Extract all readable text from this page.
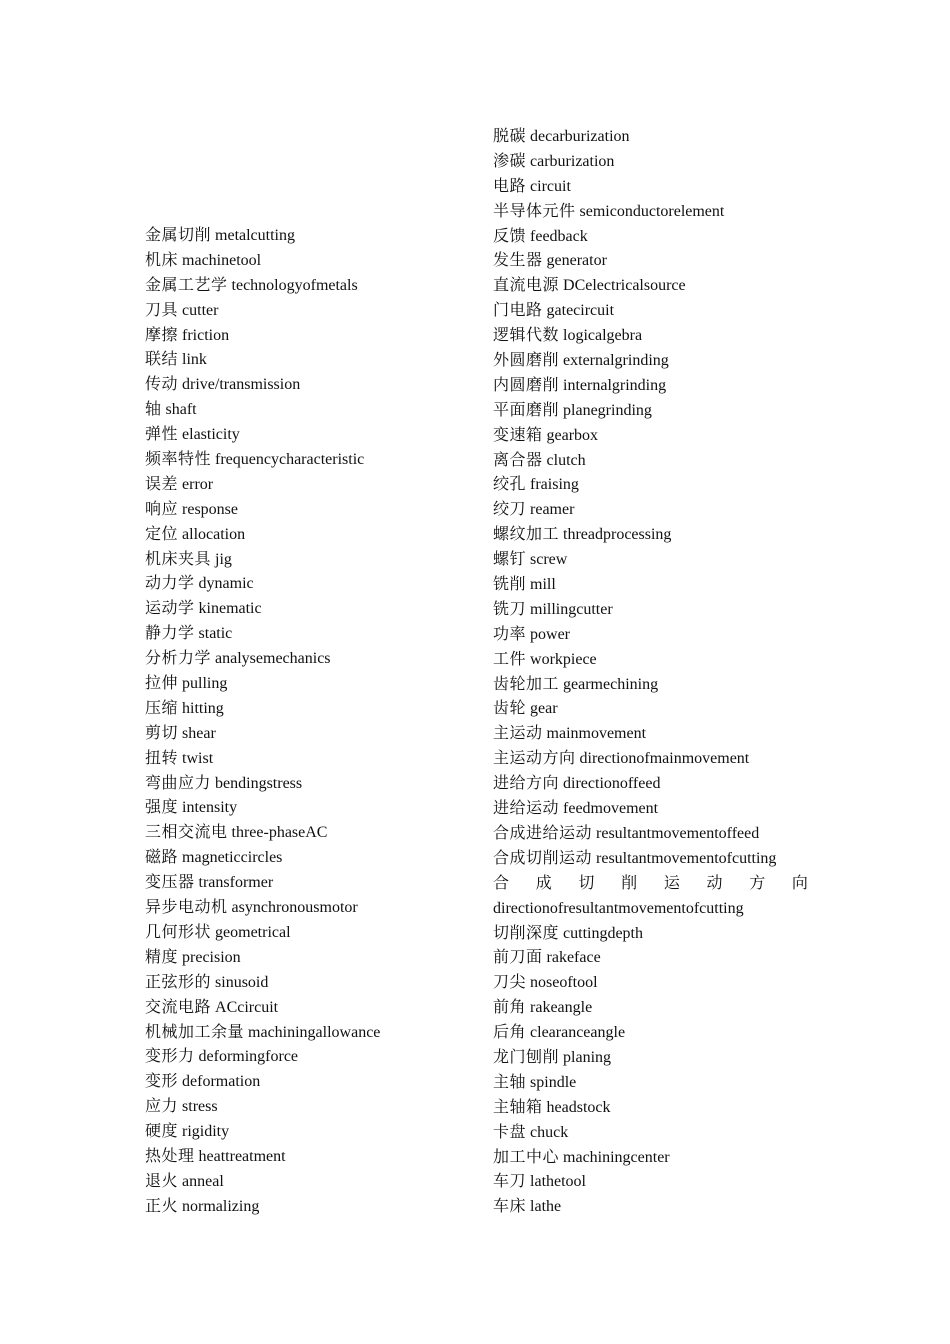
金属切削 metalcutting
机床 machinetool
金属工艺学 technologyofmetals
刀具 cutter
摩擦 friction
联结 link
传动 drive/transmission
轴 shaft
弹性 elasticity
频率特性 frequencycharacteristic
误差 error
响应 response
定位 allocation
机床夹具 jig
动力学 dynamic
运动学 kinematic
静力学 static
分析力学 analysemechanics
拉伸 pulling
压缩 hitting
剪切 shear
扭转 twist
弯曲应力 bendingstress
强度 intensity
三相交流电 three-phaseAC
磁路 magneticcircles
变压器 transformer
异步电动机 asynchronousmotor
几何形状 geometrical
精度 precision
正弦形的 sinusoid
交流电路 ACcircuit
机械加工余量 machiningallowance
变形力 deformingforce
变形 deformation
应力 stress
硬度 rigidity
热处理 heattreatment
退火 anneal
正火 normalizing
脱碳 decarburization
渗碳 carburization
电路 circuit
半导体元件 semiconductorelement
反馈 feedback
发生器 generator
直流电源 DCelectricalsource
门电路 gatecircuit
逻辑代数 logicalgebra
外圆磨削 externalgrinding
内圆磨削 internalgrinding
平面磨削 planegrinding
变速箱 gearbox
离合器 clutch
绞孔 fraising
绞刀 reamer
螺纹加工 threadprocessing
螺钉 screw
铣削 mill
铣刀 millingcutter
功率 power
工件 workpiece
齿轮加工 gearmechining
齿轮 gear
主运动 mainmovement
主运动方向 directionofmainmovement
进给方向 directionoffeed
进给运动 feedmovement
合成进给运动 resultantmovementoffeed
合成切削运动 resultantmovementofcutting
合 成 切 削 运 动 方 向
directionofresultantmovementofcutting
切削深度 cuttingdepth
前刀面 rakeface
刀尖 noseoftool
前角 rakeangle
后角 clearanceangle
龙门刨削 planing
主轴 spindle
主轴箱 headstock
卡盘 chuck
加工中心 machiningcenter
车刀 lathetool
车床 lathe
